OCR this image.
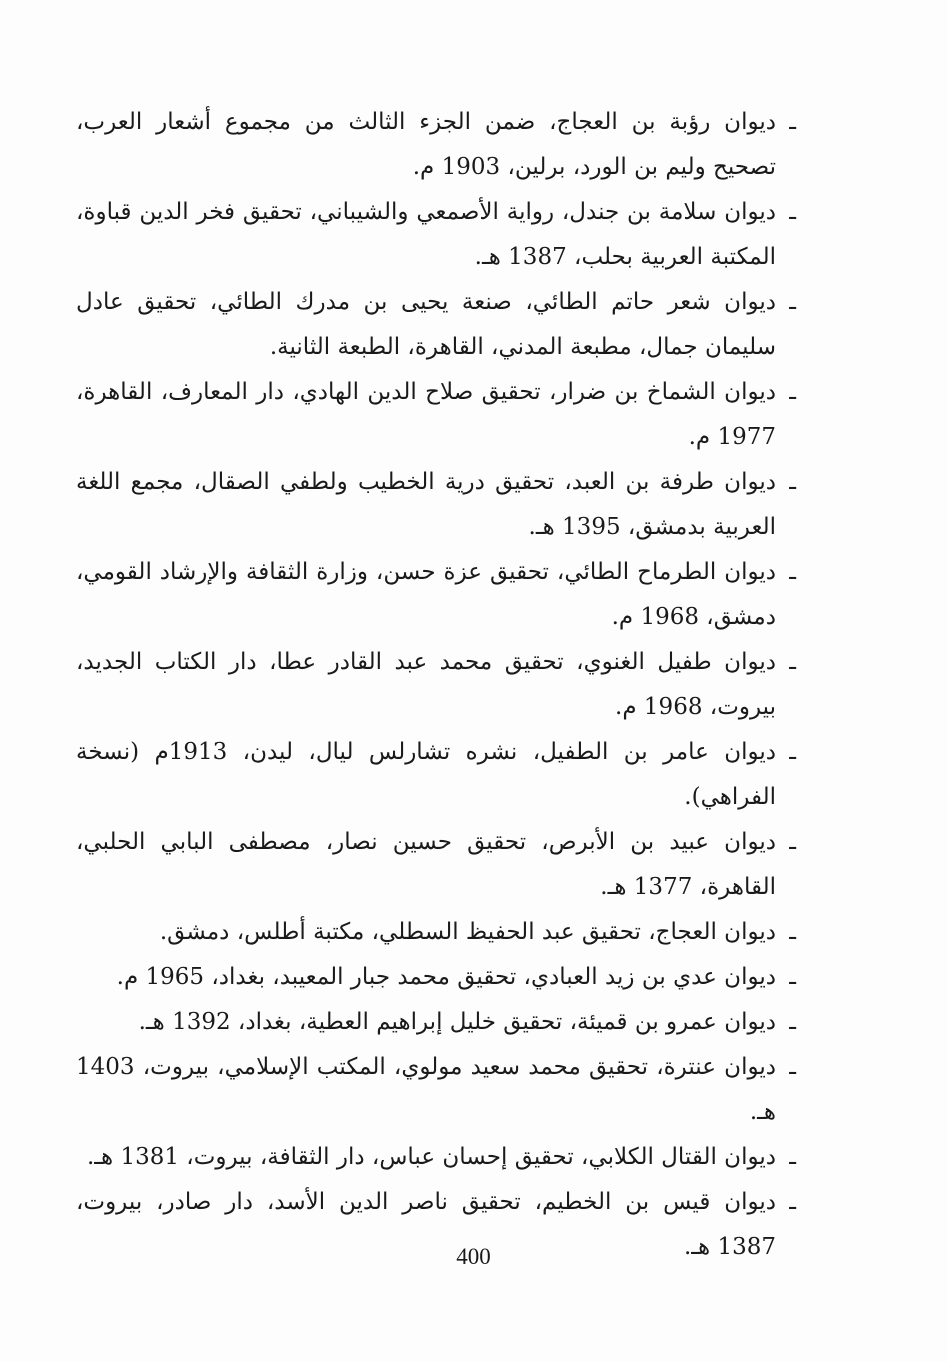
ـ
ديوان رؤبة بن العجاج، ضمن الجزء الثالث من مجموع أشعار العرب، تصحيح وليم بن الورد، برلين، 1903 م.
ـ
ديوان سلامة بن جندل، رواية الأصمعي والشيباني، تحقيق فخر الدين قباوة، المكتبة العربية بحلب، 1387 هـ.
ـ
ديوان شعر حاتم الطائي، صنعة يحيى بن مدرك الطائي، تحقيق عادل سليمان جمال، مطبعة المدني، القاهرة، الطبعة الثانية.
ـ
ديوان الشماخ بن ضرار، تحقيق صلاح الدين الهادي، دار المعارف، القاهرة، 1977 م.
ـ
ديوان طرفة بن العبد، تحقيق درية الخطيب ولطفي الصقال، مجمع اللغة العربية بدمشق، 1395 هـ.
ـ
ديوان الطرماح الطائي، تحقيق عزة حسن، وزارة الثقافة والإرشاد القومي، دمشق، 1968 م.
ـ
ديوان طفيل الغنوي، تحقيق محمد عبد القادر عطا، دار الكتاب الجديد، بيروت، 1968 م.
ـ
ديوان عامر بن الطفيل، نشره تشارلس ليال، ليدن، 1913م (نسخة الفراهي).
ـ
ديوان عبيد بن الأبرص، تحقيق حسين نصار، مصطفى البابي الحلبي، القاهرة، 1377 هـ.
ـ
ديوان العجاج، تحقيق عبد الحفيظ السطلي، مكتبة أطلس، دمشق.
ـ
ديوان عدي بن زيد العبادي، تحقيق محمد جبار المعيبد، بغداد، 1965 م.
ـ
ديوان عمرو بن قميئة، تحقيق خليل إبراهيم العطية، بغداد، 1392 هـ.
ـ
ديوان عنترة، تحقيق محمد سعيد مولوي، المكتب الإسلامي، بيروت، 1403 هـ.
ـ
ديوان القتال الكلابي، تحقيق إحسان عباس، دار الثقافة، بيروت، 1381 هـ.
ـ
ديوان قيس بن الخطيم، تحقيق ناصر الدين الأسد، دار صادر، بيروت، 1387 هـ.
400
